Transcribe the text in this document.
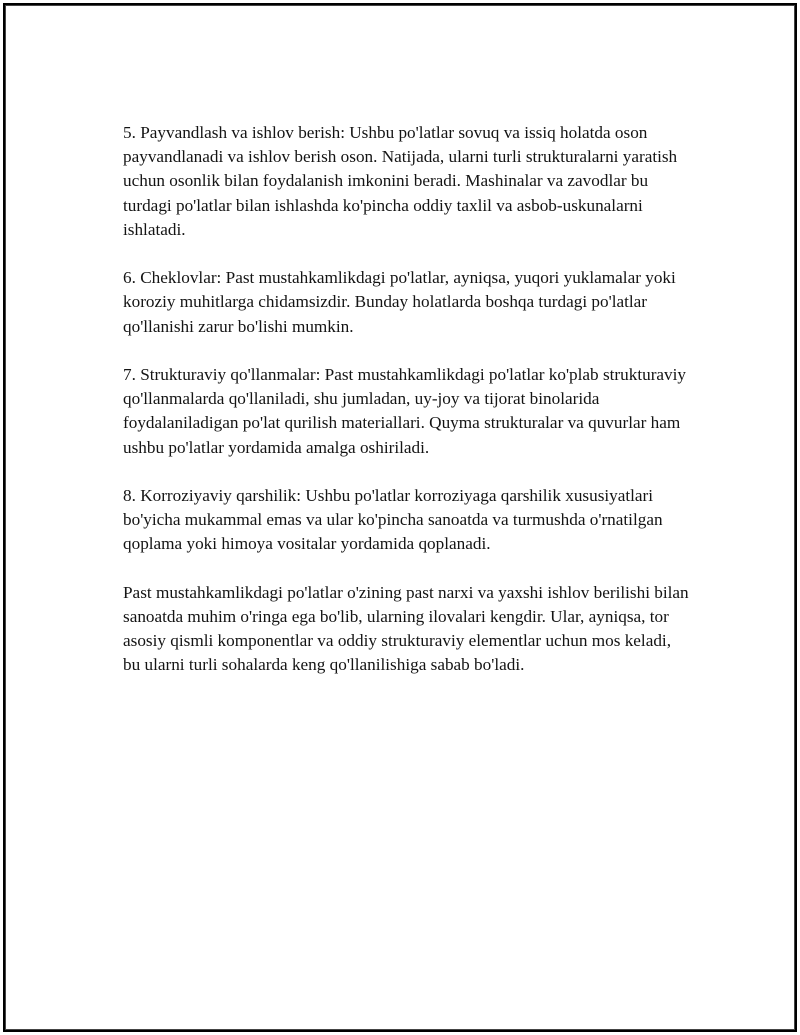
5. Payvandlash va ishlov berish: Ushbu po'latlar sovuq va issiq holatda oson payvandlanadi va ishlov berish oson. Natijada, ularni turli strukturalarni yaratish uchun osonlik bilan foydalanish imkonini beradi. Mashinalar va zavodlar bu turdagi po'latlar bilan ishlashda ko'pincha oddiy taxlil va asbob-uskunalarni ishlatadi.

6. Cheklovlar: Past mustahkamlikdagi po'latlar, ayniqsa, yuqori yuklamalar yoki koroziy muhitlarga chidamsizdir. Bunday holatlarda boshqa turdagi po'latlar qo'llanishi zarur bo'lishi mumkin.

7. Strukturaviy qo'llanmalar: Past mustahkamlikdagi po'latlar ko'plab strukturaviy qo'llanmalarda qo'llaniladi, shu jumladan, uy-joy va tijorat binolarida foydalaniladigan po'lat qurilish materiallari. Quyma strukturalar va quvurlar ham ushbu po'latlar yordamida amalga oshiriladi.

8. Korroziyaviy qarshilik: Ushbu po'latlar korroziyaga qarshilik xususiyatlari bo'yicha mukammal emas va ular ko'pincha sanoatda va turmushda o'rnatilgan qoplama yoki himoya vositalar yordamida qoplanadi.

Past mustahkamlikdagi po'latlar o'zining past narxi va yaxshi ishlov berilishi bilan sanoatda muhim o'ringa ega bo'lib, ularning ilovalari kengdir. Ular, ayniqsa, tor asosiy qismli komponentlar va oddiy strukturaviy elementlar uchun mos keladi, bu ularni turli sohalarda keng qo'llanilishiga sabab bo'ladi.
